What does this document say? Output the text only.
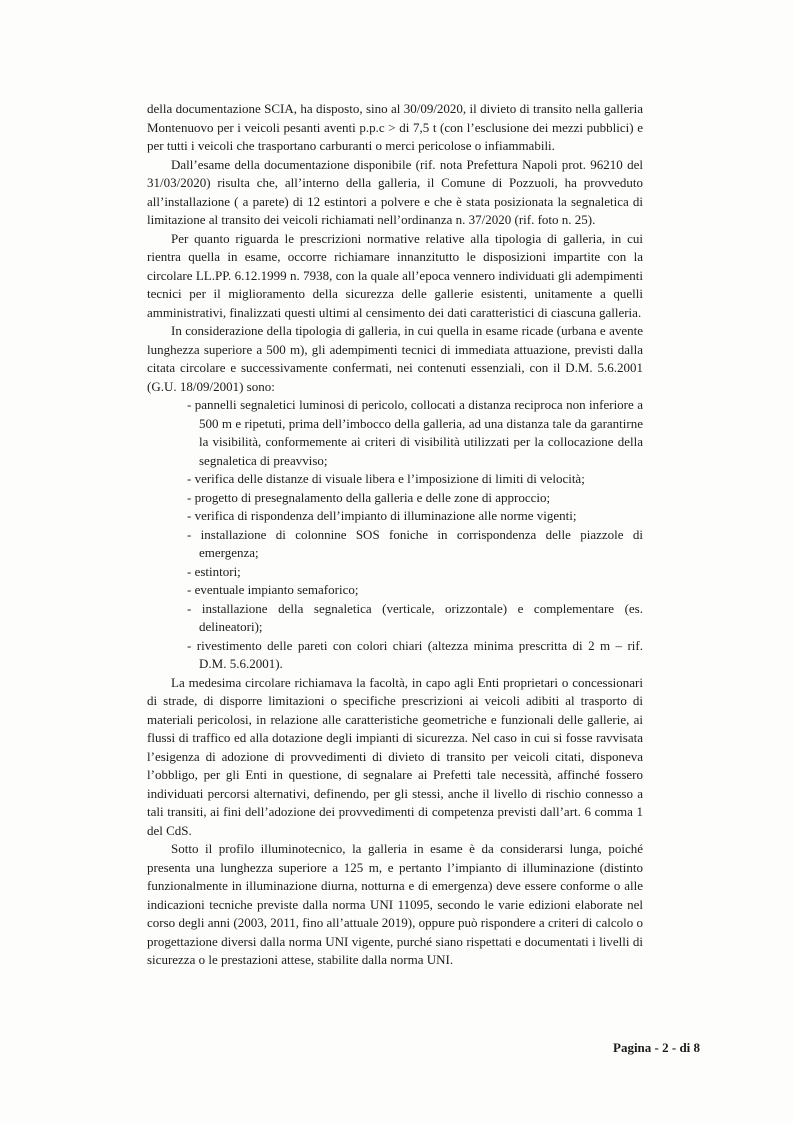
della documentazione SCIA, ha disposto, sino al 30/09/2020, il divieto di transito nella galleria Montenuovo per i veicoli pesanti aventi p.p.c > di 7,5 t (con l’esclusione dei mezzi pubblici) e per tutti i veicoli che trasportano carburanti o merci pericolose o infiammabili.

Dall’esame della documentazione disponibile (rif. nota Prefettura Napoli prot. 96210 del 31/03/2020) risulta che, all’interno della galleria, il Comune di Pozzuoli, ha provveduto all’installazione ( a parete) di 12 estintori a polvere e che è stata posizionata la segnaletica di limitazione al transito dei veicoli richiamati nell’ordinanza n. 37/2020 (rif. foto n. 25).

Per quanto riguarda le prescrizioni normative relative alla tipologia di galleria, in cui rientra quella in esame, occorre richiamare innanzitutto le disposizioni impartite con la circolare LL.PP. 6.12.1999 n. 7938, con la quale all’epoca vennero individuati gli adempimenti tecnici per il miglioramento della sicurezza delle gallerie esistenti, unitamente a quelli amministrativi, finalizzati questi ultimi al censimento dei dati caratteristici di ciascuna galleria.

In considerazione della tipologia di galleria, in cui quella in esame ricade (urbana e avente lunghezza superiore a 500 m), gli adempimenti tecnici di immediata attuazione, previsti dalla citata circolare e successivamente confermati, nei contenuti essenziali, con il D.M. 5.6.2001 (G.U. 18/09/2001) sono:

- pannelli segnaletici luminosi di pericolo, collocati a distanza reciproca non inferiore a 500 m e ripetuti, prima dell’imbocco della galleria, ad una distanza tale da garantirne la visibilità, conformemente ai criteri di visibilità utilizzati per la collocazione della segnaletica di preavviso;
- verifica delle distanze di visuale libera e l’imposizione di limiti di velocità;
- progetto di presegnalamento della galleria e delle zone di approccio;
- verifica di rispondenza dell’impianto di illuminazione alle norme vigenti;
- installazione di colonnine SOS foniche in corrispondenza delle piazzole di emergenza;
- estintori;
- eventuale impianto semaforico;
- installazione della segnaletica (verticale, orizzontale) e complementare (es. delineatori);
- rivestimento delle pareti con colori chiari (altezza minima prescritta di 2 m – rif. D.M. 5.6.2001).

La medesima circolare richiamava la facoltà, in capo agli Enti proprietari o concessionari di strade, di disporre limitazioni o specifiche prescrizioni ai veicoli adibiti al trasporto di materiali pericolosi, in relazione alle caratteristiche geometriche e funzionali delle gallerie, ai flussi di traffico ed alla dotazione degli impianti di sicurezza. Nel caso in cui si fosse ravvisata l’esigenza di adozione di provvedimenti di divieto di transito per veicoli citati, disponeva l’obbligo, per gli Enti in questione, di segnalare ai Prefetti tale necessità, affinché fossero individuati percorsi alternativi, definendo, per gli stessi, anche il livello di rischio connesso a tali transiti, ai fini dell’adozione dei provvedimenti di competenza previsti dall’art. 6 comma 1 del CdS.

Sotto il profilo illuminotecnico, la galleria in esame è da considerarsi lunga, poiché presenta una lunghezza superiore a 125 m, e pertanto l’impianto di illuminazione (distinto funzionalmente in illuminazione diurna, notturna e di emergenza) deve essere conforme o alle indicazioni tecniche previste dalla norma UNI 11095, secondo le varie edizioni elaborate nel corso degli anni (2003, 2011, fino all’attuale 2019), oppure può rispondere a criteri di calcolo o progettazione diversi dalla norma UNI vigente, purché siano rispettati e documentati i livelli di sicurezza o le prestazioni attese, stabilite dalla norma UNI.

Pagina - 2 - di 8
